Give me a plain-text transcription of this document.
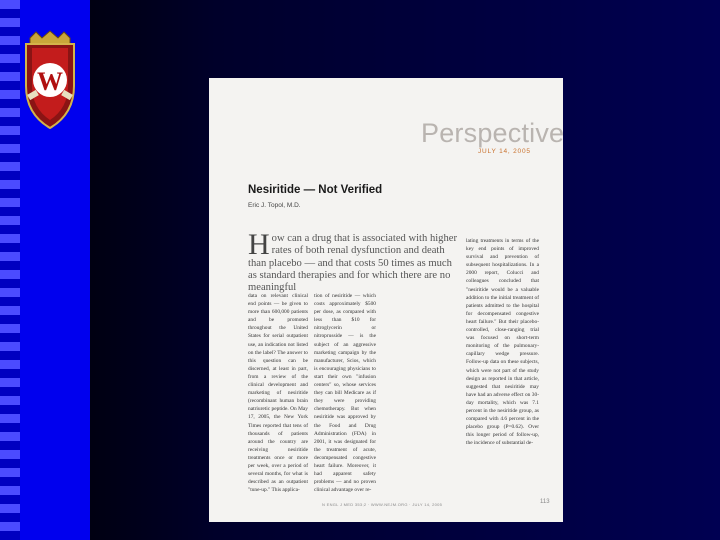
W
Perspective
JULY 14, 2005
Nesiritide — Not Verified
Eric J. Topol, M.D.
H ow can a drug that is associated with higher rates of both renal dysfunction and death than placebo — and that costs 50 times as much as standard therapies and for which there are no meaningful
data on relevant clinical end points — be given to more than 600,000 patients and be promoted throughout the United States for serial outpatient use, an indication not listed on the label? The answer to this question can be discerned, at least in part, from a review of the clinical development and marketing of nesiritide (recombinant human brain natriuretic peptide. On May 17, 2005, the New York Times reported that tens of thousands of patients around the country are receiving nesiritide treatments once or more per week, over a period of several months, for what is described as an outpatient "tune-up." This applica-
tion of nesiritide — which costs approximately $500 per dose, as compared with less than $10 for nitroglycerin or nitroprusside — is the subject of an aggressive marketing campaign by the manufacturer, Scios, which is encouraging physicians to start their own "infusion centers" so, whose services they can bill Medicare as if they were providing chemotherapy. But when nesiritide was approved by the Food and Drug Administration (FDA) in 2001, it was designated for the treatment of acute, decompensated congestive heart failure. Moreover, it had apparent safety problems — and no proven clinical advantage over re-
lating treatments in terms of the key end points of improved survival and prevention of subsequent hospitalizations. In a 2000 report, Colucci and colleagues concluded that "nesiritide would be a valuable addition to the initial treatment of patients admitted to the hospital for decompensated congestive heart failure." But their placebo-controlled, close-ranging trial was focused on short-term monitoring of the pulmonary-capillary wedge pressure. Follow-up data on these subjects, which were not part of the study design as reported in that article, suggested that nesiritide may have had an adverse effect on 30-day mortality, which was 7.1 percent in the nesiritide group, as compared with 4.6 percent in the placebo group (P=0.62). Over this longer period of follow-up, the incidence of substantial de-
N ENGL J MED 353;2 · WWW.NEJM.ORG · JULY 14, 2005	113
